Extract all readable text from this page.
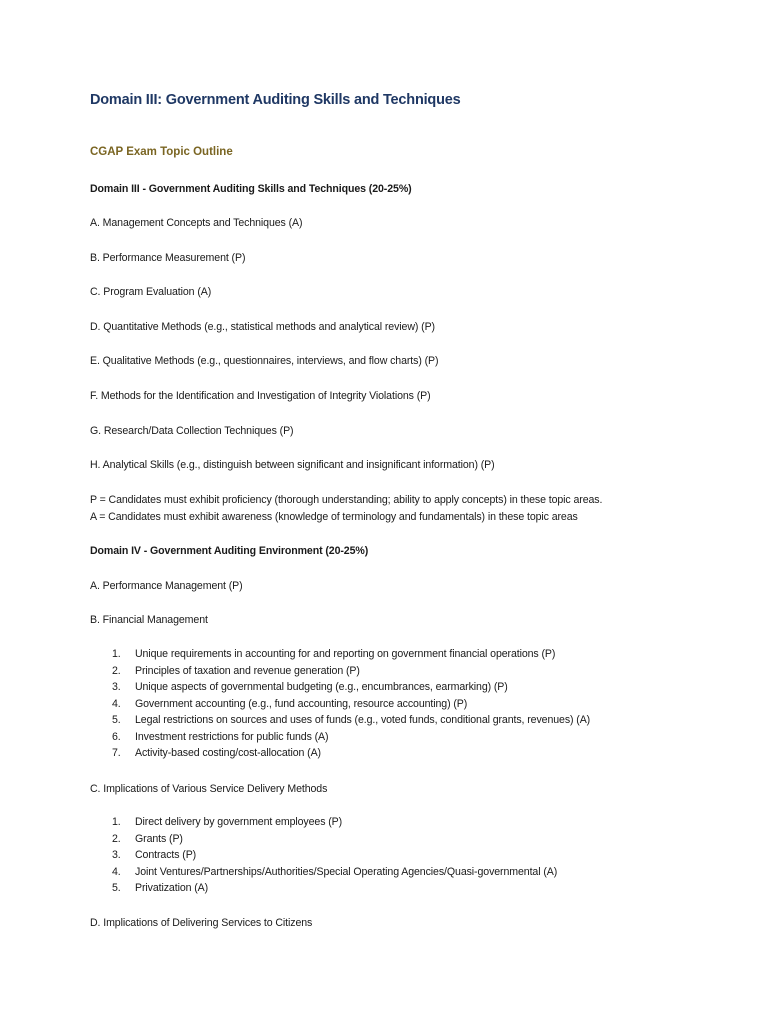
Domain III: Government Auditing Skills and Techniques
CGAP Exam Topic Outline
Domain III - Government Auditing Skills and Techniques (20-25%)
A. Management Concepts and Techniques (A)
B. Performance Measurement (P)
C. Program Evaluation (A)
D. Quantitative Methods (e.g., statistical methods and analytical review) (P)
E. Qualitative Methods (e.g., questionnaires, interviews, and flow charts) (P)
F. Methods for the Identification and Investigation of Integrity Violations (P)
G. Research/Data Collection Techniques (P)
H. Analytical Skills (e.g., distinguish between significant and insignificant information) (P)
P = Candidates must exhibit proficiency (thorough understanding; ability to apply concepts) in these topic areas.
A = Candidates must exhibit awareness (knowledge of terminology and fundamentals) in these topic areas
Domain IV - Government Auditing Environment (20-25%)
A. Performance Management (P)
B. Financial Management
1.	Unique requirements in accounting for and reporting on government financial operations (P)
2.	Principles of taxation and revenue generation (P)
3.	Unique aspects of governmental budgeting (e.g., encumbrances, earmarking) (P)
4.	Government accounting (e.g., fund accounting, resource accounting) (P)
5.	Legal restrictions on sources and uses of funds (e.g., voted funds, conditional grants, revenues) (A)
6.	Investment restrictions for public funds (A)
7.	Activity-based costing/cost-allocation (A)
C. Implications of Various Service Delivery Methods
1.	Direct delivery by government employees (P)
2.	Grants (P)
3.	Contracts (P)
4.	Joint Ventures/Partnerships/Authorities/Special Operating Agencies/Quasi-governmental (A)
5.	Privatization (A)
D. Implications of Delivering Services to Citizens
